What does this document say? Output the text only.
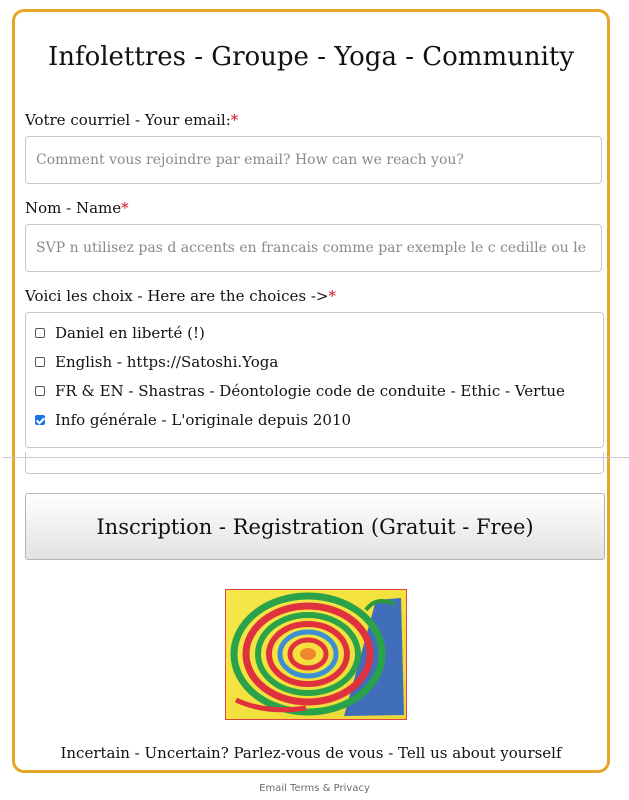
Infolettres - Groupe - Yoga - Community
Votre courriel - Your email:*
Comment vous rejoindre par email? How can we reach you?
Nom - Name*
SVP n utilisez pas d accents en francais comme par exemple le c cedille ou le e accent
Voici les choix - Here are the choices ->*
Daniel en liberté (!)
English - https://Satoshi.Yoga
FR & EN - Shastras - Déontologie code de conduite - Ethic - Vertue
Info générale - L'originale depuis 2010
Inscription - Registration (Gratuit - Free)
Incertain - Uncertain? Parlez-vous de vous - Tell us about yourself
Email Terms & Privacy
